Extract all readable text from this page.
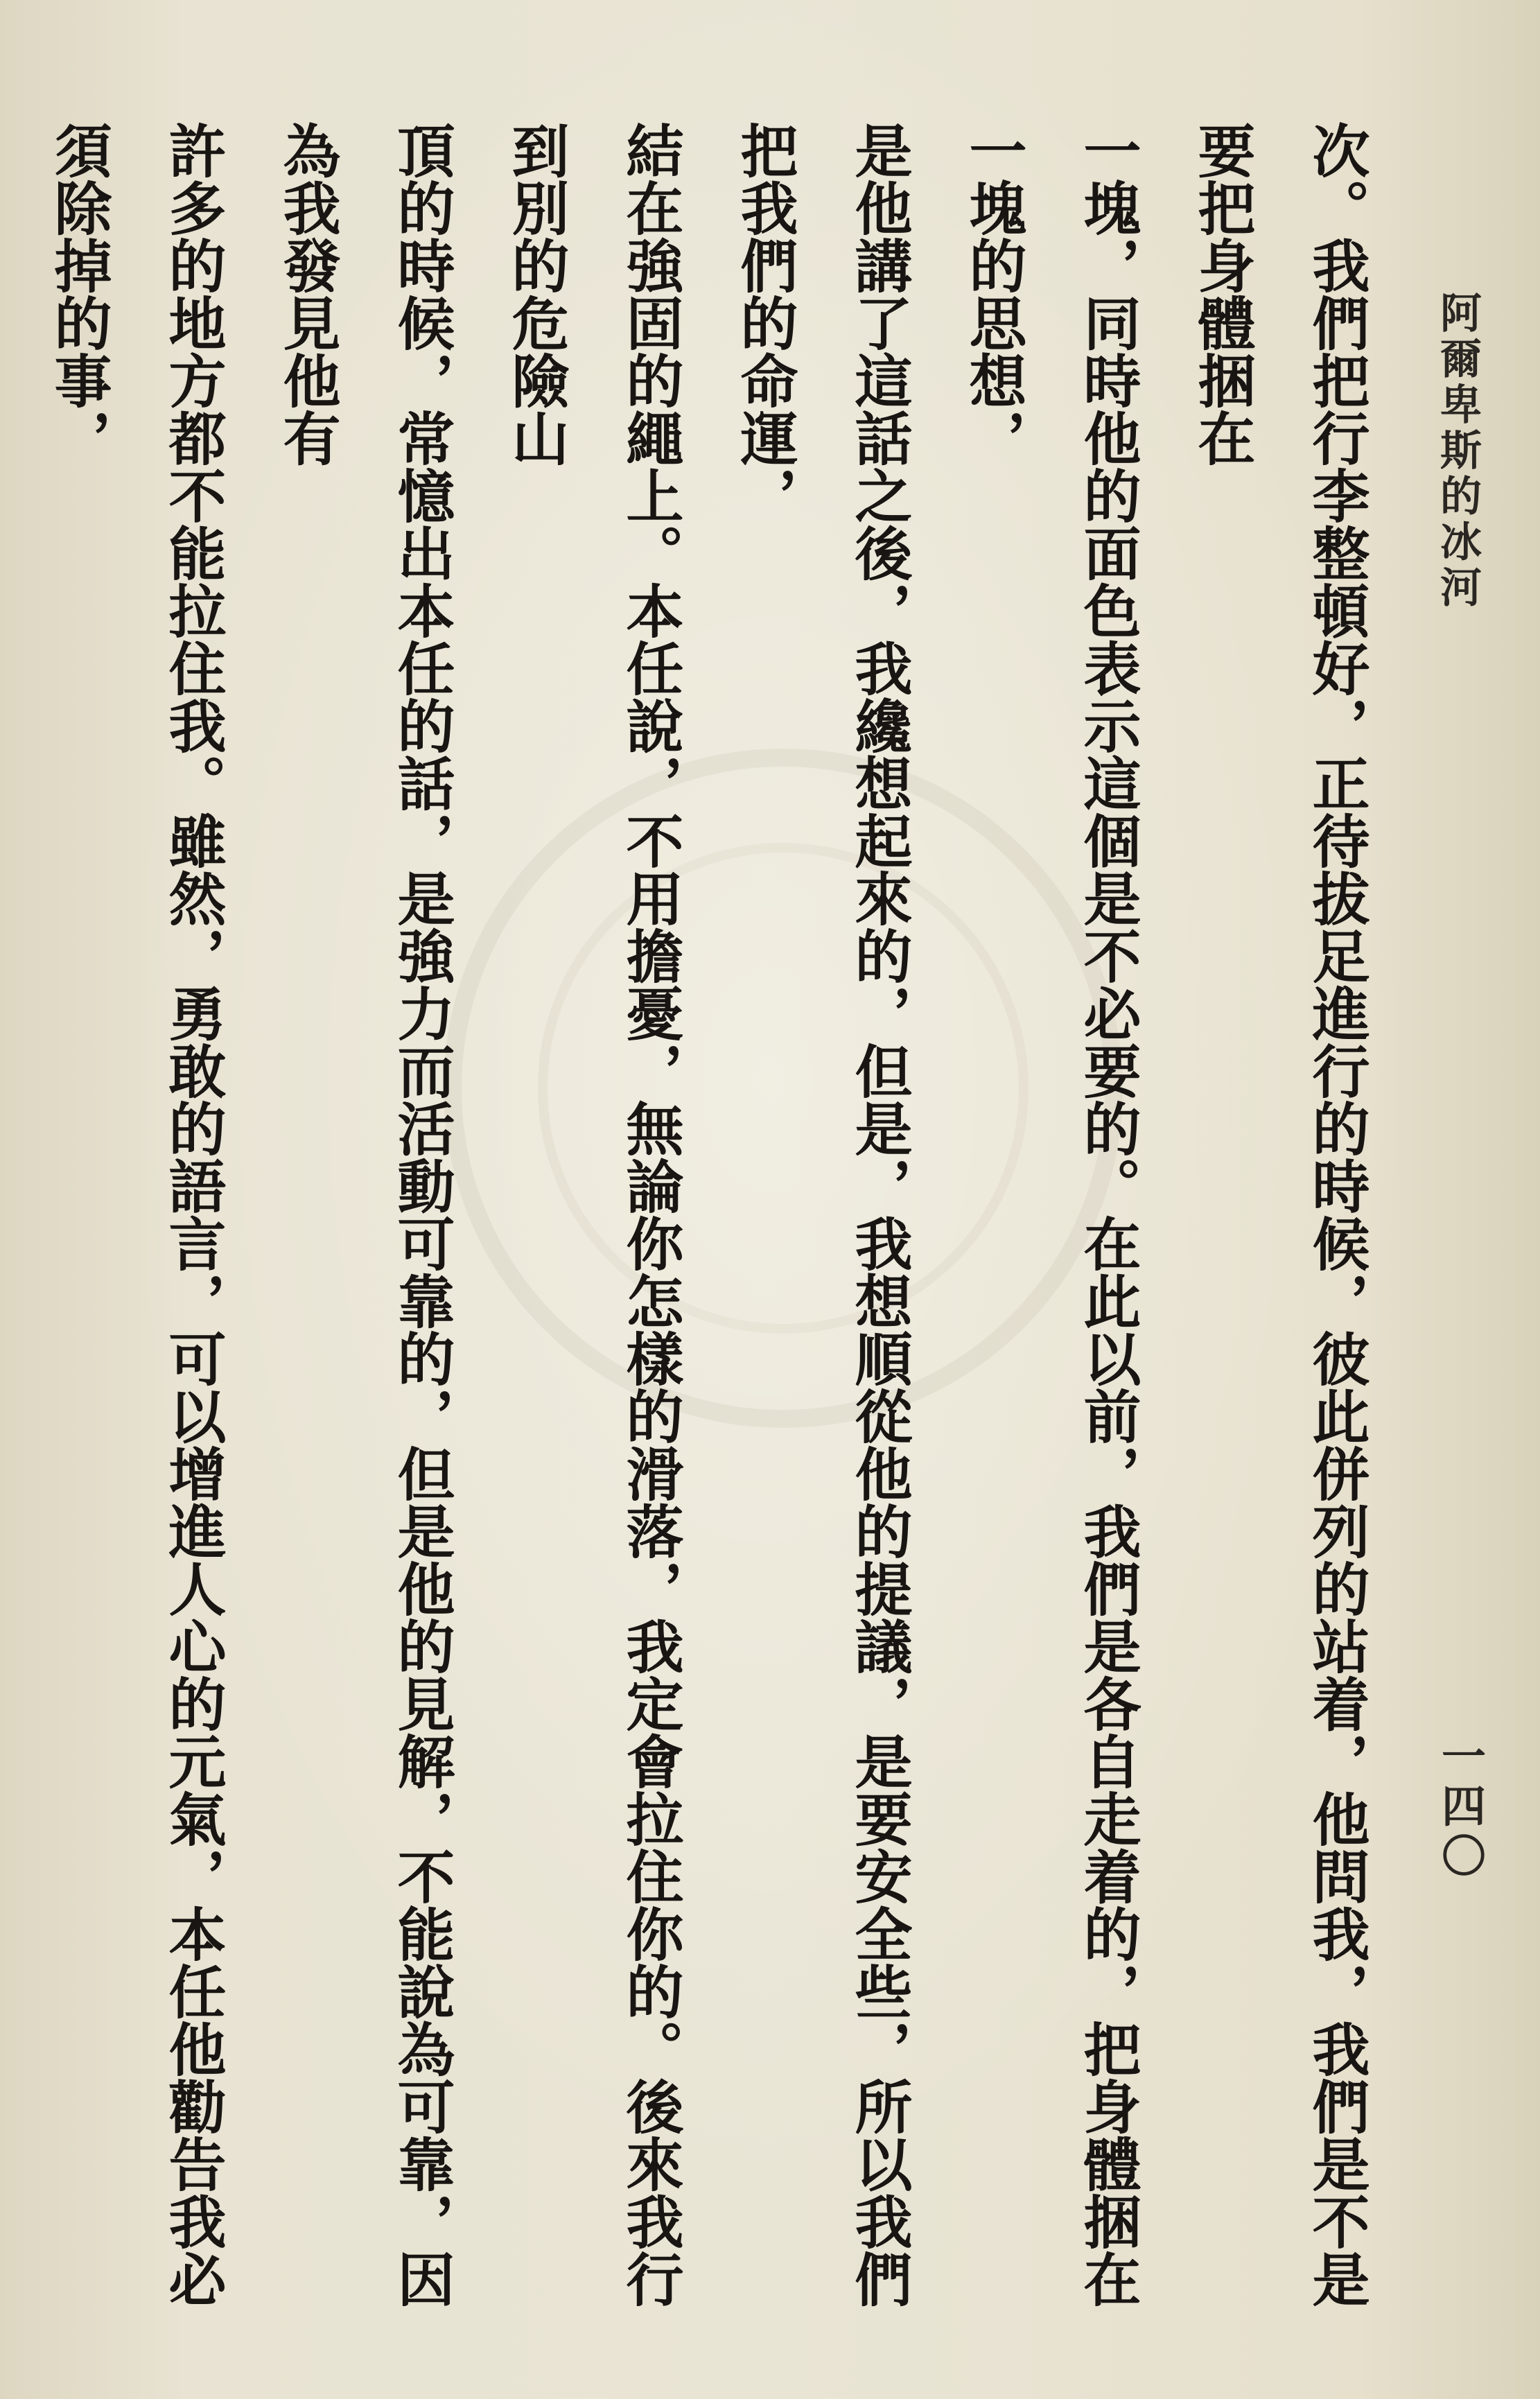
阿爾卑斯的冰河
一四〇
次。我們把行李整頓好，正待拔足進行的時候，彼此併列的站着，他問我，我們是不是要把身體捆在
一塊，同時他的面色表示這個是不必要的。在此以前，我們是各自走着的，把身體捆在一塊的思想，
是他講了這話之後，我纔想起來的，但是，我想順從他的提議，是要安全些，所以我們把我們的命運，
結在強固的繩上。本任說，不用擔憂，無論你怎樣的滑落，我定會拉住你的。後來我行到別的危險山
頂的時候，常憶出本任的話，是強力而活動可靠的，但是他的見解，不能說為可靠，因為我發見他有
許多的地方都不能拉住我。雖然，勇敢的語言，可以增進人心的元氣，本任他勸告我必須除掉的事，
